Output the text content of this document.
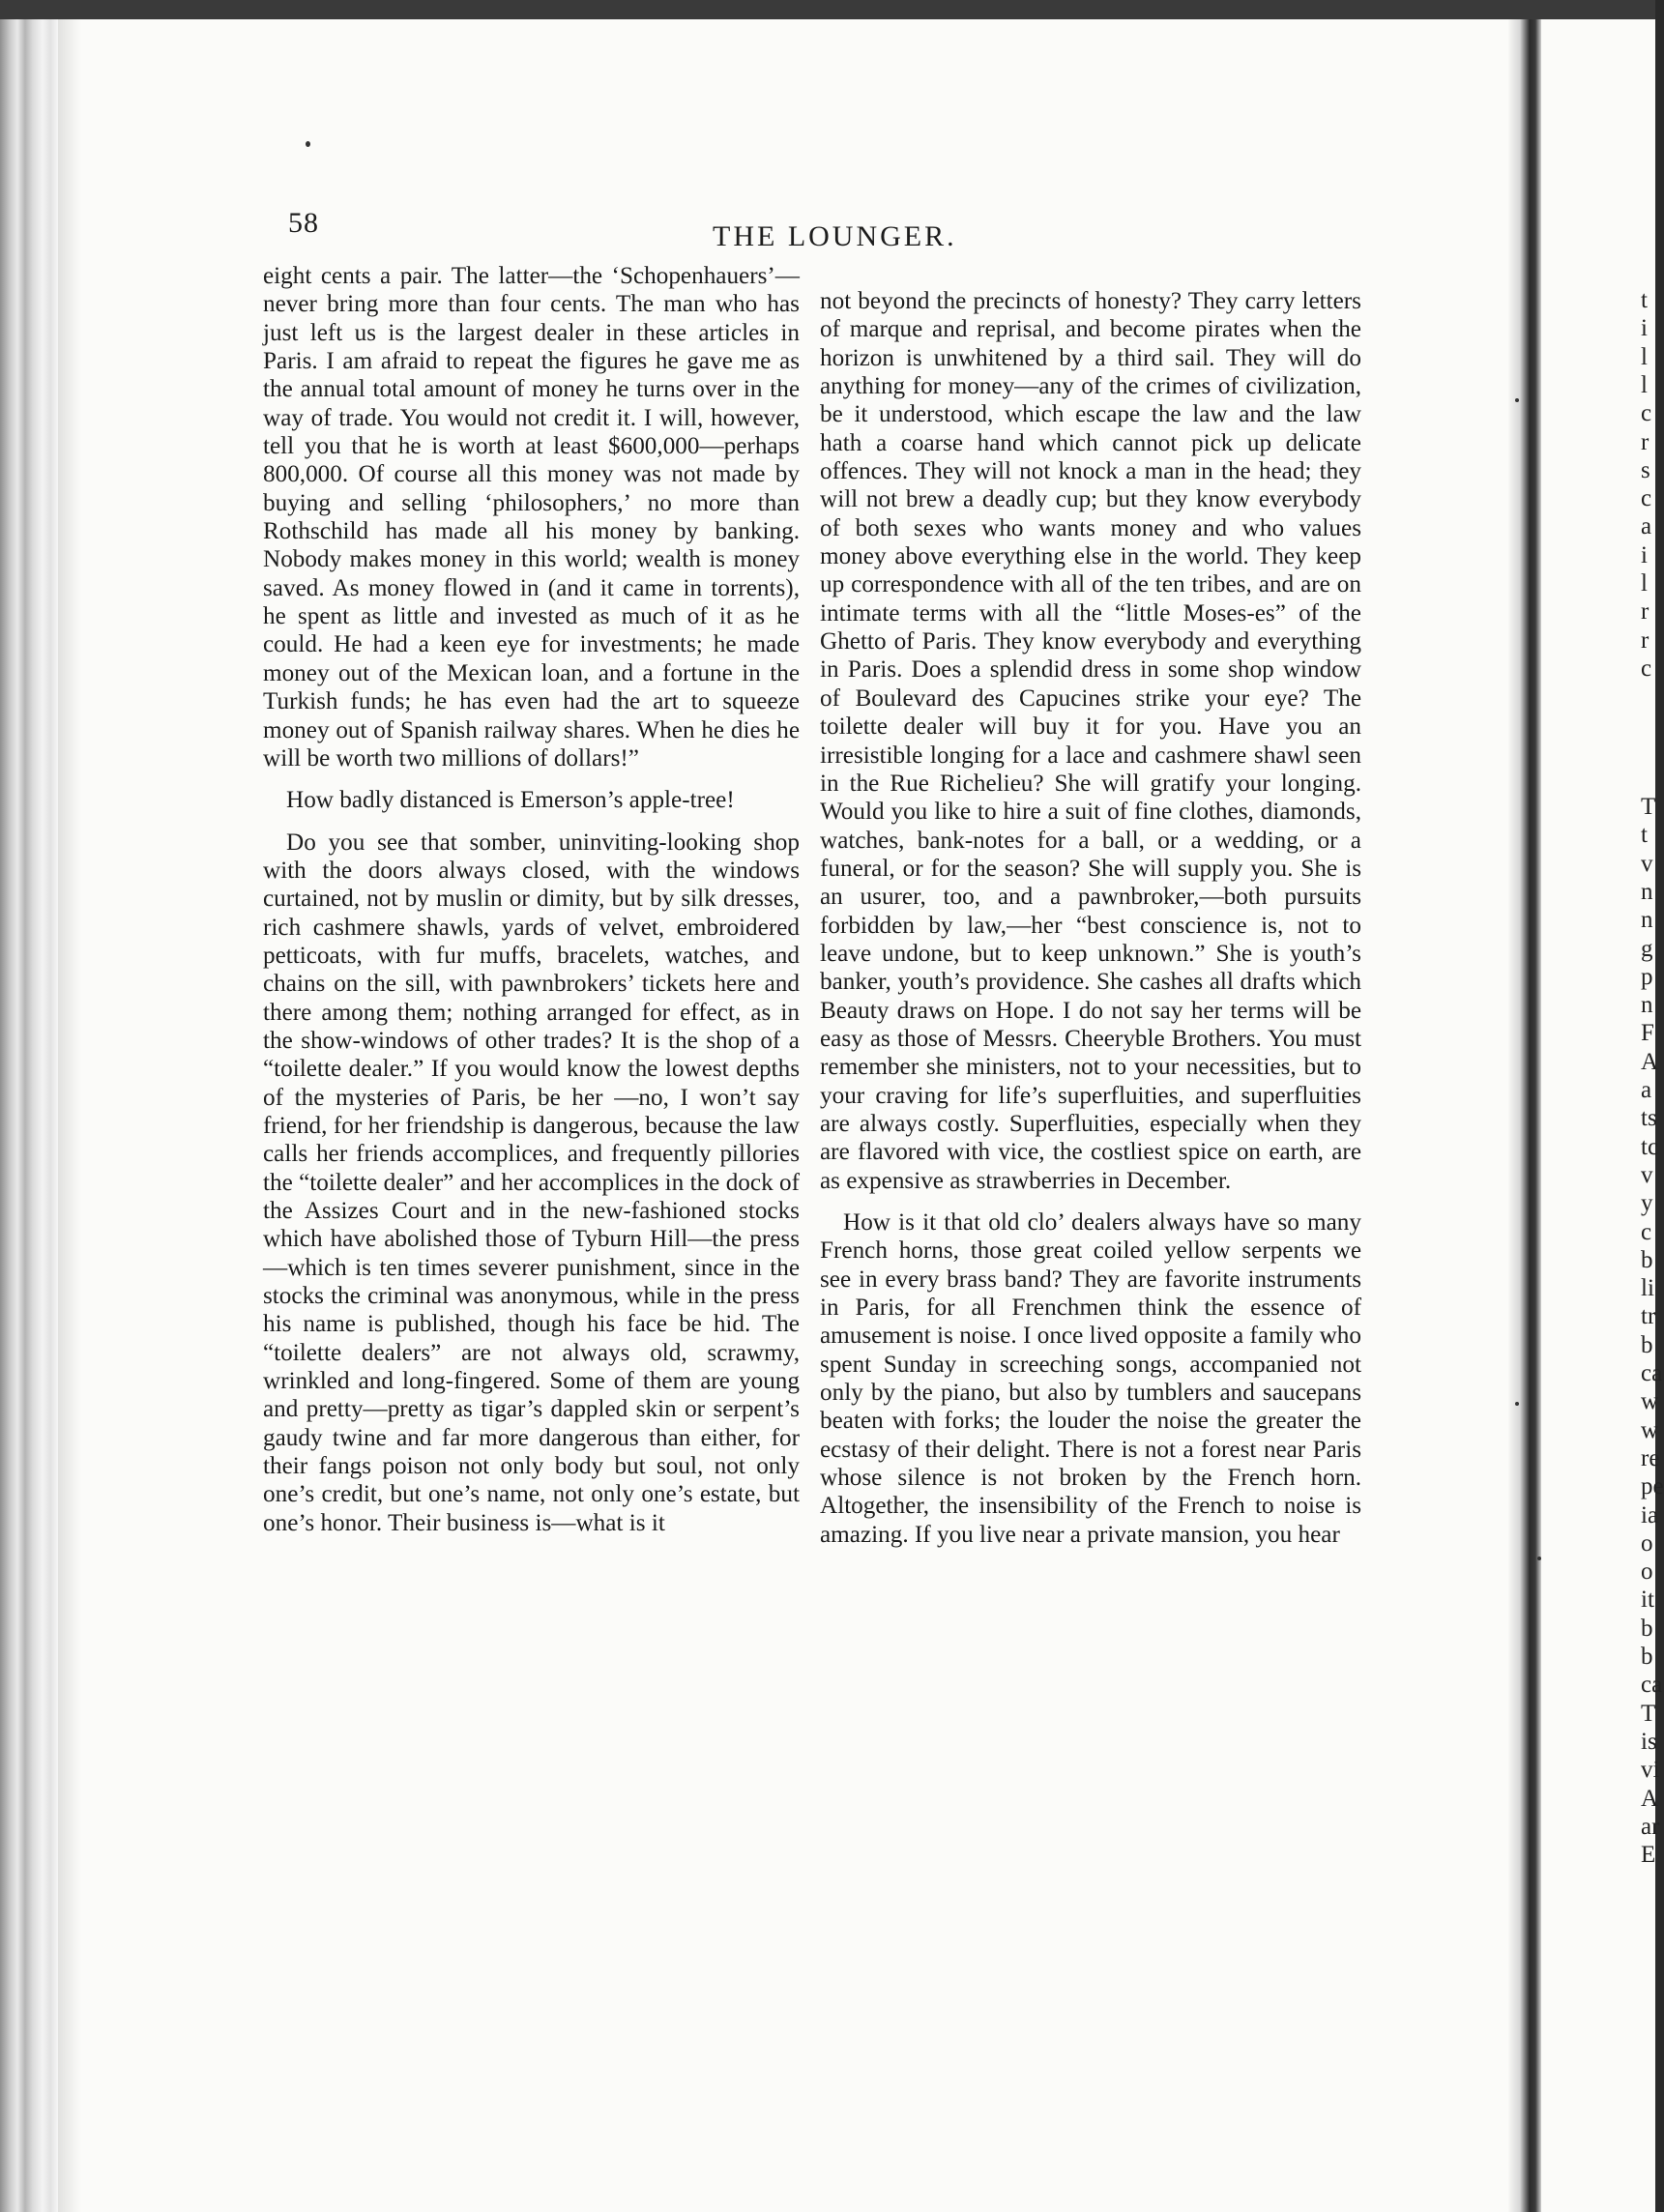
58	THE LOUNGER.

eight cents a pair. The latter—the ‘Schopenhauers’—never bring more than four cents. The man who has just left us is the largest dealer in these articles in Paris. I am afraid to repeat the figures he gave me as the annual total amount of money he turns over in the way of trade. You would not credit it. I will, however, tell you that he is worth at least $600,000—perhaps 800,000. Of course all this money was not made by buying and selling ‘philosophers,’ no more than Rothschild has made all his money by banking. Nobody makes money in this world; wealth is money saved. As money flowed in (and it came in torrents), he spent as little and invested as much of it as he could. He had a keen eye for investments; he made money out of the Mexican loan, and a fortune in the Turkish funds; he has even had the art to squeeze money out of Spanish railway shares. When he dies he will be worth two millions of dollars!”

How badly distanced is Emerson’s apple-tree!

Do you see that somber, uninviting-looking shop with the doors always closed, with the windows curtained, not by muslin or dimity, but by silk dresses, rich cashmere shawls, yards of velvet, embroidered petticoats, with fur muffs, bracelets, watches, and chains on the sill, with pawnbrokers’ tickets here and there among them; nothing arranged for effect, as in the show-windows of other trades? It is the shop of a “toilette dealer.” If you would know the lowest depths of the mysteries of Paris, be her —no, I won’t say friend, for her friendship is dangerous, because the law calls her friends accomplices, and frequently pillories the “toilette dealer” and her accomplices in the dock of the Assizes Court and in the new-fashioned stocks which have abolished those of Tyburn Hill—the press—which is ten times severer punishment, since in the stocks the criminal was anonymous, while in the press his name is published, though his face be hid. The “toilette dealers” are not always old, scrawmy, wrinkled and long-fingered. Some of them are young and pretty—pretty as tigar’s dappled skin or serpent’s gaudy twine and far more dangerous than either, for their fangs poison not only body but soul, not only one’s credit, but one’s name, not only one’s estate, but one’s honor. Their business is—what is it

not beyond the precincts of honesty? They carry letters of marque and reprisal, and become pirates when the horizon is unwhitened by a third sail. They will do anything for money—any of the crimes of civilization, be it understood, which escape the law and the law hath a coarse hand which cannot pick up delicate offences. They will not knock a man in the head; they will not brew a deadly cup; but they know everybody of both sexes who wants money and who values money above everything else in the world. They keep up correspondence with all of the ten tribes, and are on intimate terms with all the “little Moses-es” of the Ghetto of Paris. They know everybody and everything in Paris. Does a splendid dress in some shop window of Boulevard des Capucines strike your eye? The toilette dealer will buy it for you. Have you an irresistible longing for a lace and cashmere shawl seen in the Rue Richelieu? She will gratify your longing. Would you like to hire a suit of fine clothes, diamonds, watches, bank-notes for a ball, or a wedding, or a funeral, or for the season? She will supply you. She is an usurer, too, and a pawnbroker,—both pursuits forbidden by law,—her “best conscience is, not to leave undone, but to keep unknown.” She is youth’s banker, youth’s providence. She cashes all drafts which Beauty draws on Hope. I do not say her terms will be easy as those of Messrs. Cheeryble Brothers. You must remember she ministers, not to your necessities, but to your craving for life’s superfluities, and superfluities are always costly. Superfluities, especially when they are flavored with vice, the costliest spice on earth, are as expensive as strawberries in December.

How is it that old clo’ dealers always have so many French horns, those great coiled yellow serpents we see in every brass band? They are favorite instruments in Paris, for all Frenchmen think the essence of amusement is noise. I once lived opposite a family who spent Sunday in screeching songs, accompanied not only by the piano, but also by tumblers and saucepans beaten with forks; the louder the noise the greater the ecstasy of their delight. There is not a forest near Paris whose silence is not broken by the French horn. Altogether, the insensibility of the French to noise is amazing. If you live near a private mansion, you hear

t
i
l
l
c
r
s
c
a
i
l
r
r
c
T
t
v
n
n
g
p
n
F
A
a
ts
tc
v
y
c
b
li
tr
b
ca
w
w
re
pe
ia
o
o
it
b
b
ca
T
is
vi
A
ar
E
